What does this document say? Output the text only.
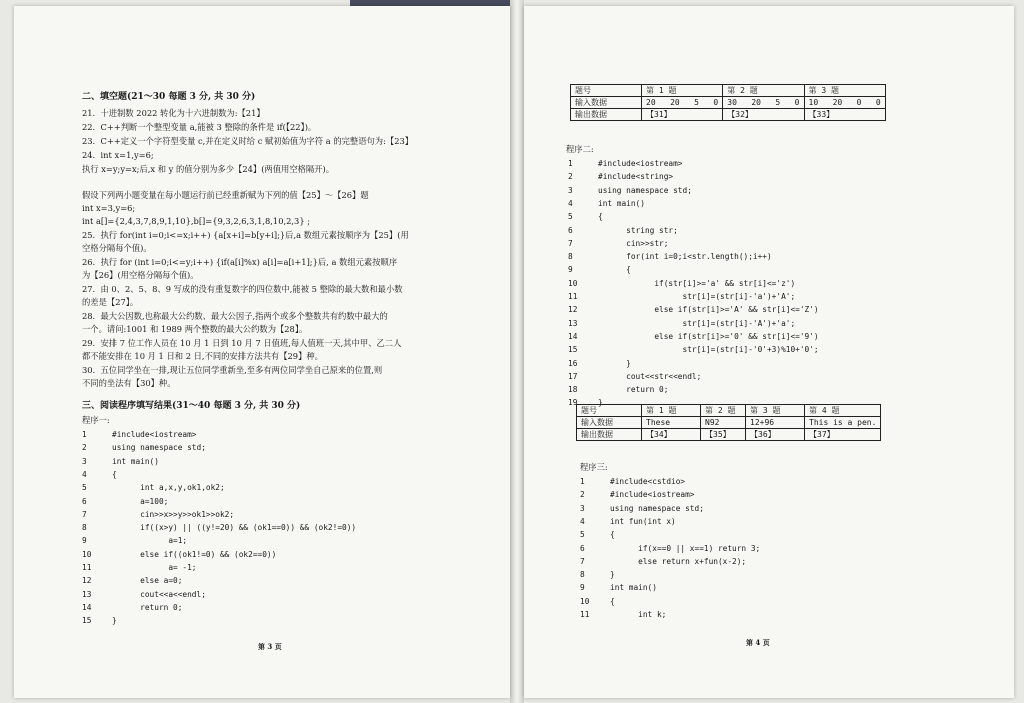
二、填空题(21～30 每题 3 分, 共 30 分)
21.  十进制数 2022 转化为十六进制数为:【21】
22.  C++判断一个整型变量 a,能被 3 整除的条件是 if(【22】)。
23.  C++定义一个字符型变量 c,并在定义时给 c 赋初始值为字符 a 的完整语句为:【23】
24.  int x=1,y=6;
执行 x=y;y=x;后,x 和 y 的值分别为多少【24】(两值用空格隔开)。
假设下列两小题变量在每小题运行前已经重新赋为下列的值【25】～【26】题
int x=3,y=6;
int a[]={2,4,3,7,8,9,1,10},b[]={9,3,2,6,3,1,8,10,2,3} ;
25.  执行 for(int i=0;i<=x;i++) {a[x+i]=b[y+i];}后,a 数组元素按顺序为【25】(用
空格分隔每个值)。
26.  执行 for (int i=0;i<=y;i++) {if(a[i]%x) a[i]=a[i+1];}后, a 数组元素按顺序
为【26】(用空格分隔每个值)。
27.  由 0、2、5、8、9 写成的没有重复数字的四位数中,能被 5 整除的最大数和最小数
的差是【27】。
28.  最大公因数,也称最大公约数、最大公因子,指两个或多个整数共有约数中最大的
一个。请问:1001 和 1989 两个整数的最大公约数为【28】。
29.  安排 7 位工作人员在 10 月 1 日到 10 月 7 日值班,每人值班一天,其中甲、乙二人
都不能安排在 10 月 1 日和 2 日,不同的安排方法共有【29】种。
30.  五位同学坐在一排,现让五位同学重新坐,至多有两位同学坐自己原来的位置,则
不同的坐法有【30】种。
三、阅读程序填写结果(31～40 每题 3 分, 共 30 分)
程序一:
1	#include<iostream>
2	using namespace std;
3	int main()
4	{
5	int a,x,y,ok1,ok2;
6	a=100;
7	cin>>x>>y>>ok1>>ok2;
8	if((x>y) || ((y!=20) && (ok1==0)) && (ok2!=0))
9	a=1;
10	else if((ok1!=0) && (ok2==0))
11	a= -1;
12	else a=0;
13	cout<<a<<endl;
14	return 0;
15	}
第 3 页
题号	第 1 题	第 2 题	第 3 题
输入数据	20   20   5   0	30   20   5   0	10   20   0   0
输出数据	【31】	【32】	【33】
程序二:
1	#include<iostream>
2	#include<string>
3	using namespace std;
4	int main()
5	{
6	string str;
7	cin>>str;
8	for(int i=0;i<str.length();i++)
9	{
10	if(str[i]>='a' && str[i]<='z')
11	str[i]=(str[i]-'a')+'A';
12	else if(str[i]>='A' && str[i]<='Z')
13	str[i]=(str[i]-'A')+'a';
14	else if(str[i]>='0' && str[i]<='9')
15	str[i]=(str[i]-'0'+3)%10+'0';
16	}
17	cout<<str<<endl;
18	return 0;
19	}
题号	第 1 题	第 2 题	第 3 题	第 4 题
输入数据	These	N92	12+96	This is a pen.
输出数据	【34】	【35】	【36】	【37】
程序三:
1	#include<cstdio>
2	#include<iostream>
3	using namespace std;
4	int fun(int x)
5	{
6	if(x==0 || x==1) return 3;
7	else return x+fun(x-2);
8	}
9	int main()
10	{
11	int k;
第 4 页
